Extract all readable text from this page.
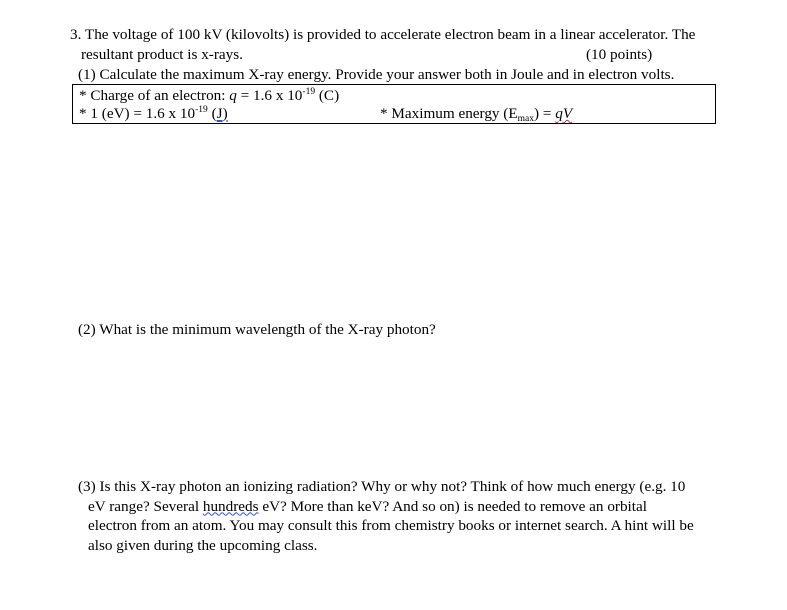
3. The voltage of 100 kV (kilovolts) is provided to accelerate electron beam in a linear accelerator. The
resultant product is x-rays.	(10 points)
(1) Calculate the maximum X-ray energy. Provide your answer both in Joule and in electron volts.
* Charge of an electron: q = 1.6 x $10^{-19}$ (C)
* 1 (eV) = 1.6 x $10^{-19}$ (J)	* Maximum energy $(E_{max})$ = qV
(2) What is the minimum wavelength of the X-ray photon?
(3) Is this X-ray photon an ionizing radiation? Why or why not? Think of how much energy (e.g. 10
eV range? Several hundreds eV? More than keV? And so on) is needed to remove an orbital
electron from an atom. You may consult this from chemistry books or internet search. A hint will be
also given during the upcoming class.
